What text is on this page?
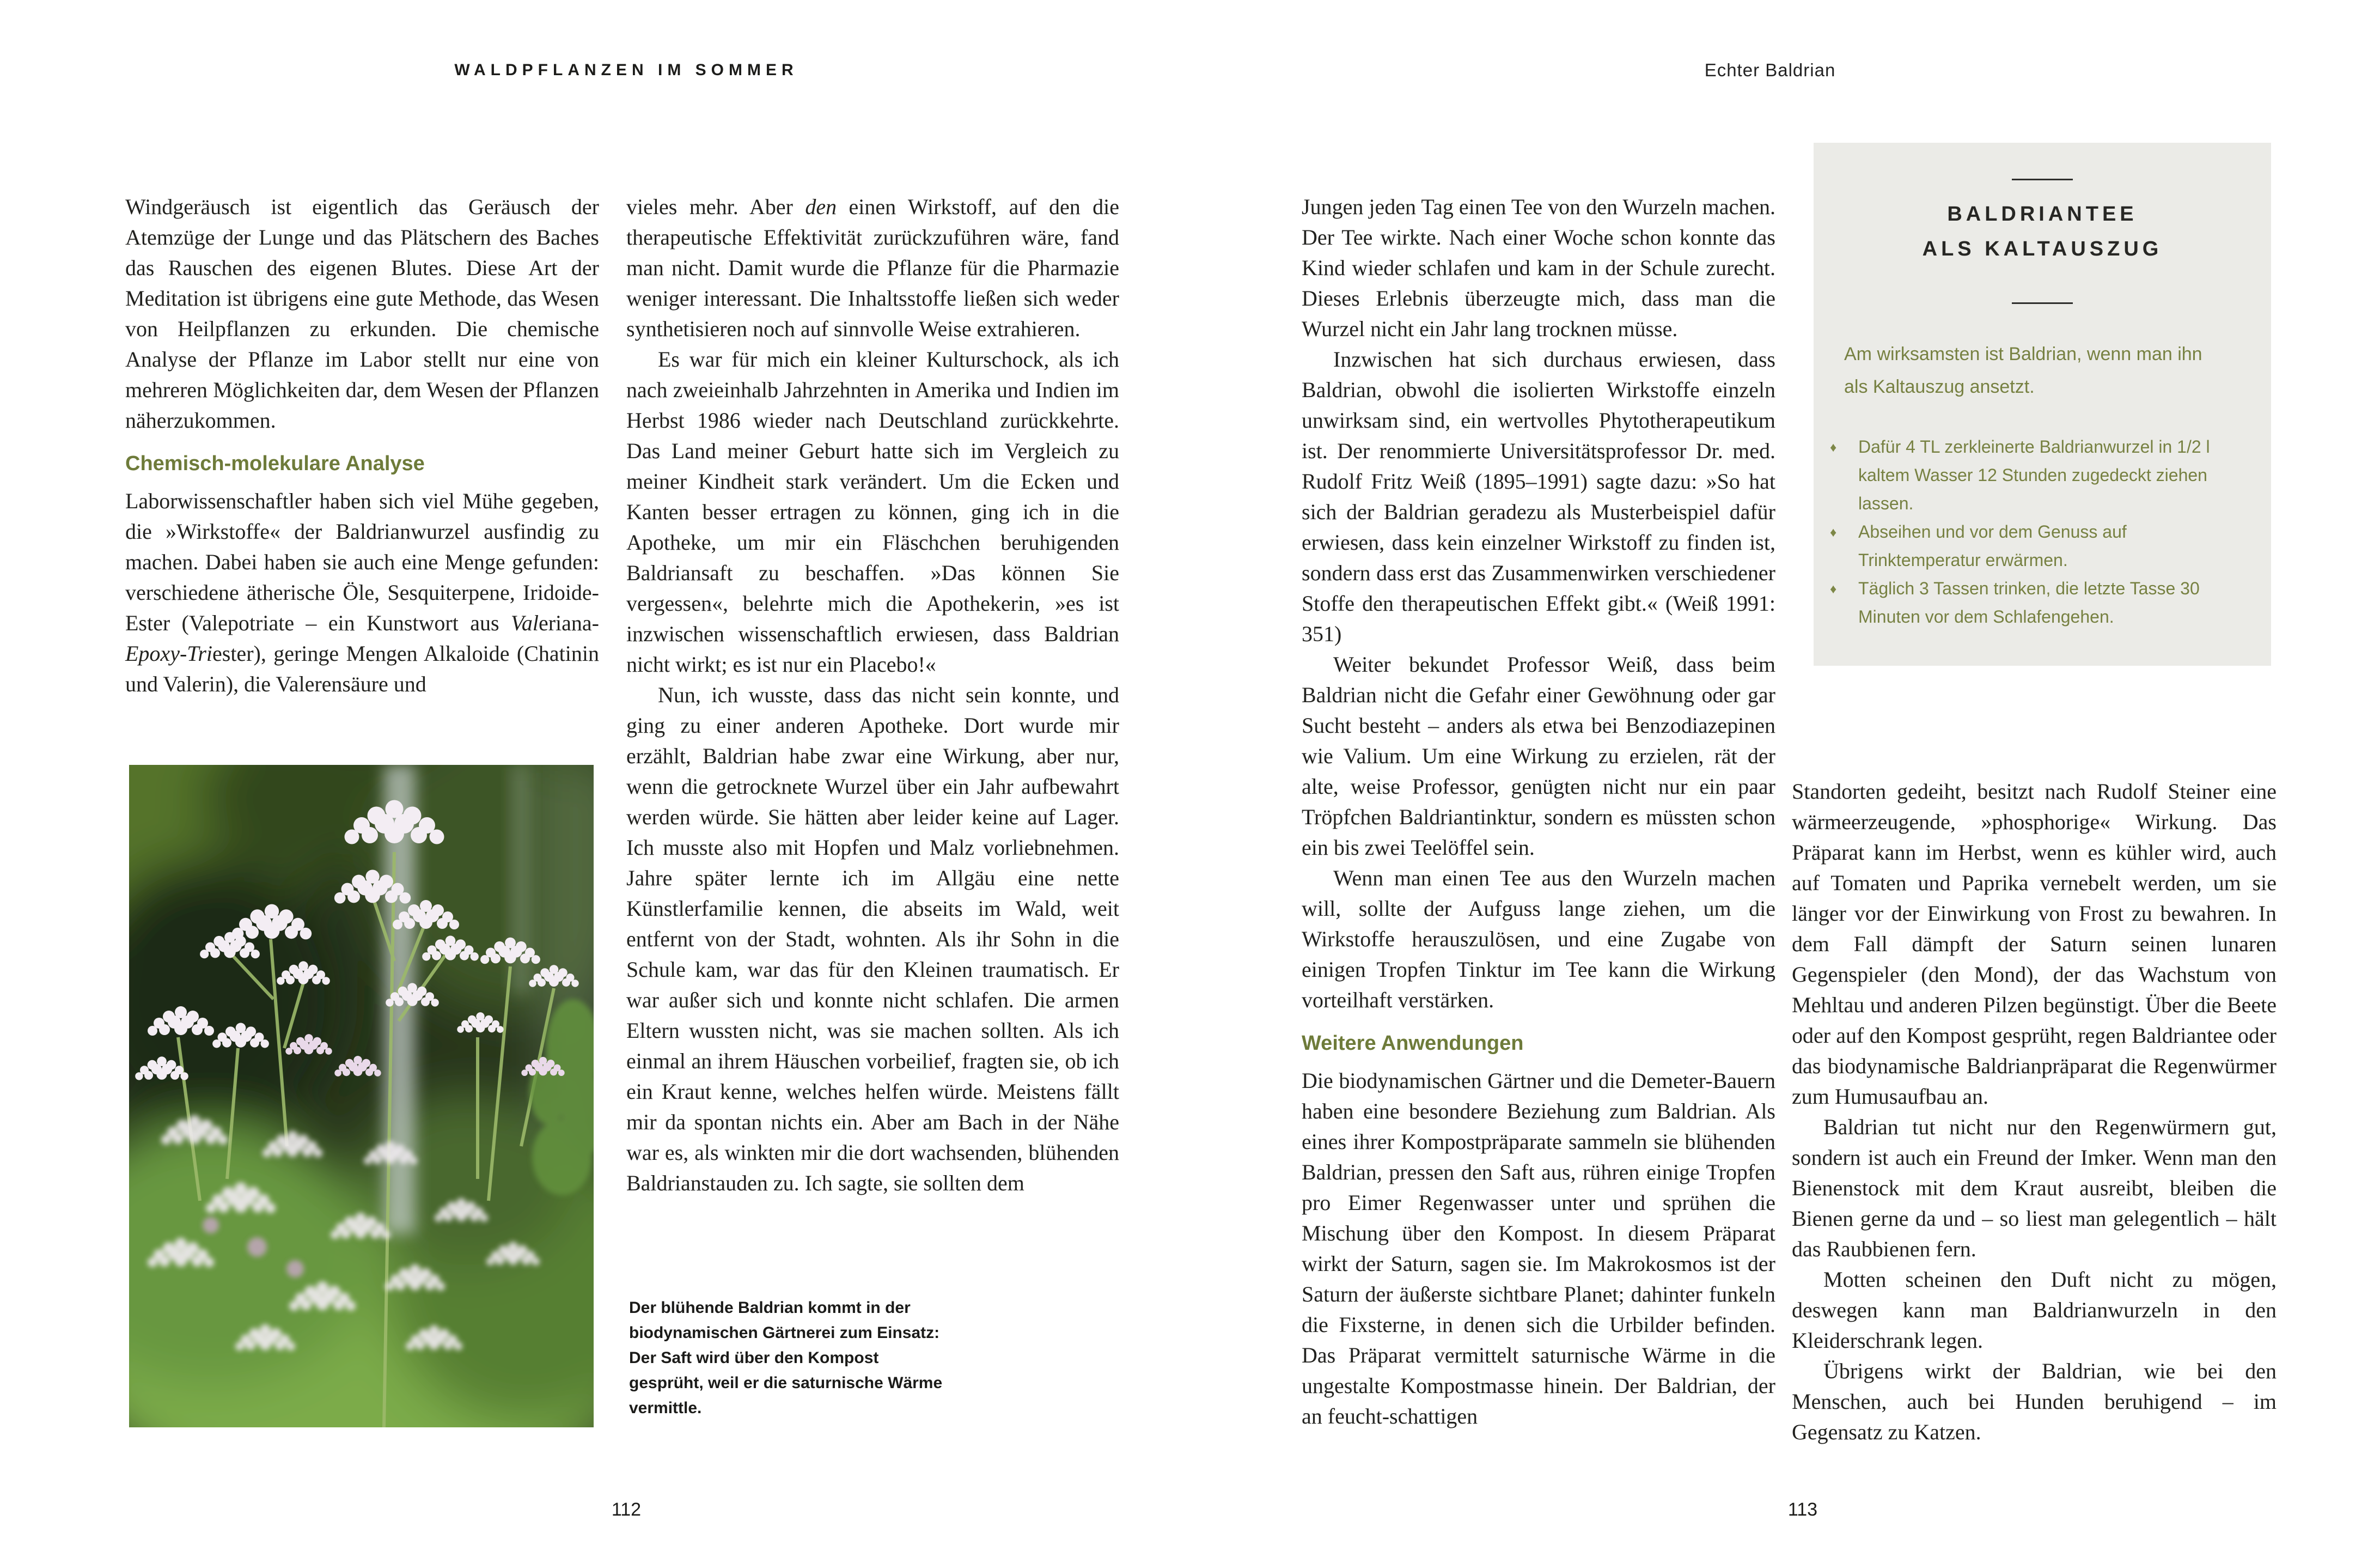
WALDPFLANZEN IM SOMMER

Windgeräusch ist eigentlich das Geräusch der Atemzüge der Lunge und das Plätschern des Baches das Rauschen des eigenen Blutes. Diese Art der Meditation ist übrigens eine gute Methode, das Wesen von Heilpflanzen zu erkunden. Die chemische Analyse der Pflanze im Labor stellt nur eine von mehreren Möglichkeiten dar, dem Wesen der Pflanzen näherzukommen.

Chemisch-molekulare Analyse

Laborwissenschaftler haben sich viel Mühe gegeben, die »Wirkstoffe« der Baldrianwurzel ausfindig zu machen. Dabei haben sie auch eine Menge gefunden: verschiedene ätherische Öle, Sesquiterpene, Iridoide-Ester (Valepotriate – ein Kunstwort aus Valeriana-Epoxy-Triester), geringe Mengen Alkaloide (Chatinin und Valerin), die Valerensäure und

vieles mehr. Aber den einen Wirkstoff, auf den die therapeutische Effektivität zurückzuführen wäre, fand man nicht. Damit wurde die Pflanze für die Pharmazie weniger interessant. Die Inhaltsstoffe ließen sich weder synthetisieren noch auf sinnvolle Weise extrahieren.

Es war für mich ein kleiner Kulturschock, als ich nach zweieinhalb Jahrzehnten in Amerika und Indien im Herbst 1986 wieder nach Deutschland zurückkehrte. Das Land meiner Geburt hatte sich im Vergleich zu meiner Kindheit stark verändert. Um die Ecken und Kanten besser ertragen zu können, ging ich in die Apotheke, um mir ein Fläschchen beruhigenden Baldriansaft zu beschaffen. »Das können Sie vergessen«, belehrte mich die Apothekerin, »es ist inzwischen wissenschaftlich erwiesen, dass Baldrian nicht wirkt; es ist nur ein Placebo!«

Nun, ich wusste, dass das nicht sein konnte, und ging zu einer anderen Apotheke. Dort wurde mir erzählt, Baldrian habe zwar eine Wirkung, aber nur, wenn die getrocknete Wurzel über ein Jahr aufbewahrt werden würde. Sie hätten aber leider keine auf Lager. Ich musste also mit Hopfen und Malz vorliebnehmen. Jahre später lernte ich im Allgäu eine nette Künstlerfamilie kennen, die abseits im Wald, weit entfernt von der Stadt, wohnten. Als ihr Sohn in die Schule kam, war das für den Kleinen traumatisch. Er war außer sich und konnte nicht schlafen. Die armen Eltern wussten nicht, was sie machen sollten. Als ich einmal an ihrem Häuschen vorbeilief, fragten sie, ob ich ein Kraut kenne, welches helfen würde. Meistens fällt mir da spontan nichts ein. Aber am Bach in der Nähe war es, als winkten mir die dort wachsenden, blühenden Baldrianstauden zu. Ich sagte, sie sollten dem

Der blühende Baldrian kommt in der biodynamischen Gärtnerei zum Einsatz: Der Saft wird über den Kompost gesprüht, weil er die saturnische Wärme vermittle.
112
Echter Baldrian
BALDRIANTEE
ALS KALTAUSZUG

Am wirksamsten ist Baldrian, wenn man ihn als Kaltauszug ansetzt.

♦	Dafür 4 TL zerkleinerte Baldrianwurzel in 1/2 l kaltem Wasser 12 Stunden zugedeckt ziehen lassen.
♦	Abseihen und vor dem Genuss auf Trinktemperatur erwärmen.
♦	Täglich 3 Tassen trinken, die letzte Tasse 30 Minuten vor dem Schlafengehen.

Jungen jeden Tag einen Tee von den Wurzeln machen. Der Tee wirkte. Nach einer Woche schon konnte das Kind wieder schlafen und kam in der Schule zurecht. Dieses Erlebnis überzeugte mich, dass man die Wurzel nicht ein Jahr lang trocknen müsse.

Inzwischen hat sich durchaus erwiesen, dass Baldrian, obwohl die isolierten Wirkstoffe einzeln unwirksam sind, ein wertvolles Phytotherapeutikum ist. Der renommierte Universitätsprofessor Dr. med. Rudolf Fritz Weiß (1895–1991) sagte dazu: »So hat sich der Baldrian geradezu als Musterbeispiel dafür erwiesen, dass kein einzelner Wirkstoff zu finden ist, sondern dass erst das Zusammenwirken verschiedener Stoffe den therapeutischen Effekt gibt.« (Weiß 1991: 351)

Weiter bekundet Professor Weiß, dass beim Baldrian nicht die Gefahr einer Gewöhnung oder gar Sucht besteht – anders als etwa bei Benzodiazepinen wie Valium. Um eine Wirkung zu erzielen, rät der alte, weise Professor, genügten nicht nur ein paar Tröpfchen Baldriantinktur, sondern es müssten schon ein bis zwei Teelöffel sein.

Wenn man einen Tee aus den Wurzeln machen will, sollte der Aufguss lange ziehen, um die Wirkstoffe herauszulösen, und eine Zugabe von einigen Tropfen Tinktur im Tee kann die Wirkung vorteilhaft verstärken.

Weitere Anwendungen

Die biodynamischen Gärtner und die Demeter-Bauern haben eine besondere Beziehung zum Baldrian. Als eines ihrer Kompostpräparate sammeln sie blühenden Baldrian, pressen den Saft aus, rühren einige Tropfen pro Eimer Regenwasser unter und sprühen die Mischung über den Kompost. In diesem Präparat wirkt der Saturn, sagen sie. Im Makrokosmos ist der Saturn der äußerste sichtbare Planet; dahinter funkeln die Fixsterne, in denen sich die Urbilder befinden. Das Präparat vermittelt saturnische Wärme in die ungestalte Kompostmasse hinein. Der Baldrian, der an feucht-schattigen

Standorten gedeiht, besitzt nach Rudolf Steiner eine wärmeerzeugende, »phosphorige« Wirkung. Das Präparat kann im Herbst, wenn es kühler wird, auch auf Tomaten und Paprika vernebelt werden, um sie länger vor der Einwirkung von Frost zu bewahren. In dem Fall dämpft der Saturn seinen lunaren Gegenspieler (den Mond), der das Wachstum von Mehltau und anderen Pilzen begünstigt. Über die Beete oder auf den Kompost gesprüht, regen Baldriantee oder das biodynamische Baldrianpräparat die Regenwürmer zum Humusaufbau an.

Baldrian tut nicht nur den Regenwürmern gut, sondern ist auch ein Freund der Imker. Wenn man den Bienenstock mit dem Kraut ausreibt, bleiben die Bienen gerne da und – so liest man gelegentlich – hält das Raubbienen fern.

Motten scheinen den Duft nicht zu mögen, deswegen kann man Baldrianwurzeln in den Kleiderschrank legen.

Übrigens wirkt der Baldrian, wie bei den Menschen, auch bei Hunden beruhigend – im Gegensatz zu Katzen.

113
